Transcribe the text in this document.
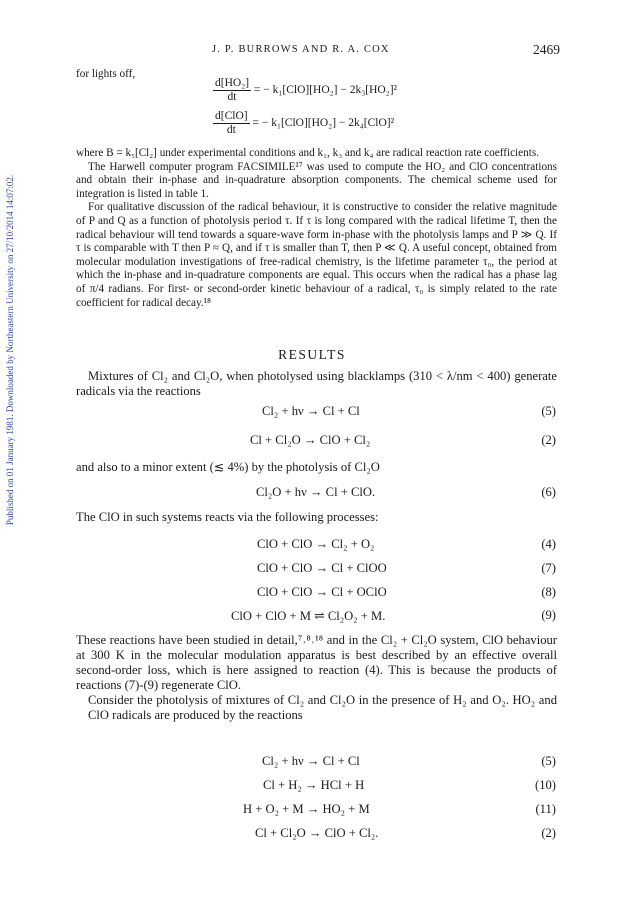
J. P. BURROWS AND R. A. COX	2469
Published on 01 January 1981. Downloaded by Northeastern University on 27/10/2014 14:07:02.
for lights off,
$\frac{\text{d[HO₂]}}{dt}$ = − k₁[ClO][HO₂] − 2k₃[HO₂]²
$\frac{\text{d[ClO]}}{dt}$ = − k₁[ClO][HO₂] − 2k₄[ClO]²

where B = k₅[Cl₂] under experimental conditions and k₁, k₃ and k₄ are radical reaction rate coefficients.

The Harwell computer program FACSIMILE¹⁷ was used to compute the HO₂ and ClO concentrations and obtain their in-phase and in-quadrature absorption components. The chemical scheme used for integration is listed in table 1.

For qualitative discussion of the radical behaviour, it is constructive to consider the relative magnitude of P and Q as a function of photolysis period τ. If τ is long compared with the radical lifetime T, then the radical behaviour will tend towards a square-wave form in-phase with the photolysis lamps and P ≫ Q. If τ is comparable with T then P ≈ Q, and if τ is smaller than T, then P ≪ Q. A useful concept, obtained from molecular modulation investigations of free-radical chemistry, is the lifetime parameter τ₀, the period at which the in-phase and in-quadrature components are equal. This occurs when the radical has a phase lag of π/4 radians. For first- or second-order kinetic behaviour of a radical, τ₀ is simply related to the rate coefficient for radical decay.¹⁸

RESULTS
Mixtures of Cl₂ and Cl₂O, when photolysed using blacklamps (310 < λ/nm < 400) generate radicals via the reactions
Cl₂ + hν → Cl + Cl	(5)
Cl + Cl₂O → ClO + Cl₂	(2)
and also to a minor extent (≲ 4%) by the photolysis of Cl₂O
Cl₂O + hν → Cl + ClO.	(6)
The ClO in such systems reacts via the following processes:
ClO + ClO → Cl₂ + O₂	(4)
ClO + ClO → Cl + ClOO	(7)
ClO + ClO → Cl + OClO	(8)
ClO + ClO + M ⇌ Cl₂O₂ + M.	(9)
These reactions have been studied in detail,⁷˒⁸˒¹⁸ and in the Cl₂ + Cl₂O system, ClO behaviour at 300 K in the molecular modulation apparatus is best described by an effective overall second-order loss, which is here assigned to reaction (4). This is because the products of reactions (7)-(9) regenerate ClO.
Consider the photolysis of mixtures of Cl₂ and Cl₂O in the presence of H₂ and O₂. HO₂ and ClO radicals are produced by the reactions
Cl₂ + hν → Cl + Cl	(5)
Cl + H₂ → HCl + H	(10)
H + O₂ + M → HO₂ + M	(11)
Cl + Cl₂O → ClO + Cl₂.	(2)
